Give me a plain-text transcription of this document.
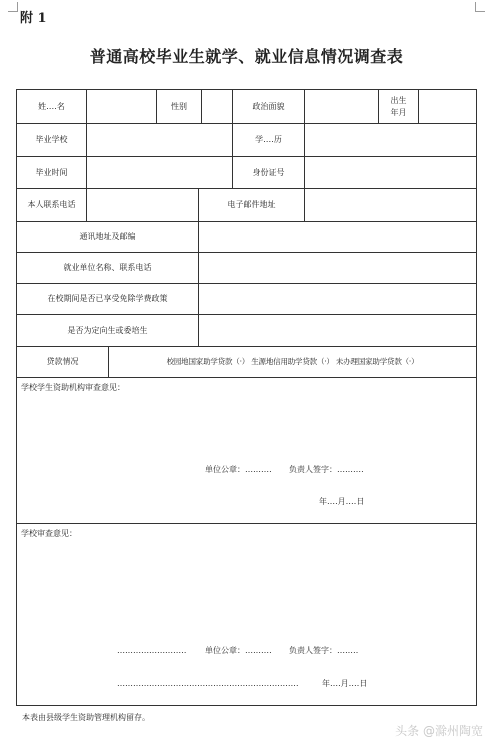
附 1
普通高校毕业生就学、就业信息情况调查表
姓‥‥名	性别	政治面貌
出生
年月
毕业学校	学‥‥历
毕业时间	身份证号
本人联系电话	电子邮件地址
通讯地址及邮编
就业单位名称、联系电话
在校期间是否已享受免除学费政策
是否为定向生或委培生
贷款情况	校园地国家助学贷款（·） 生源地信用助学贷款（·） 未办理国家助学贷款（·）
学校学生资助机构审查意见：
单位公章：‥‥‥‥‥ 负责人签字：‥‥‥‥‥
年‥‥月‥‥日
学校审查意见：
‥‥‥‥‥‥‥‥‥‥‥‥‥ 单位公章：‥‥‥‥‥ 负责人签字：‥‥‥‥
‥‥‥‥‥‥‥‥‥‥‥‥‥‥‥‥‥‥‥‥‥‥‥‥‥‥‥‥‥‥‥‥‥‥	年‥‥月‥‥日
本表由县级学生资助管理机构留存。
头条 @滁州陶宽
